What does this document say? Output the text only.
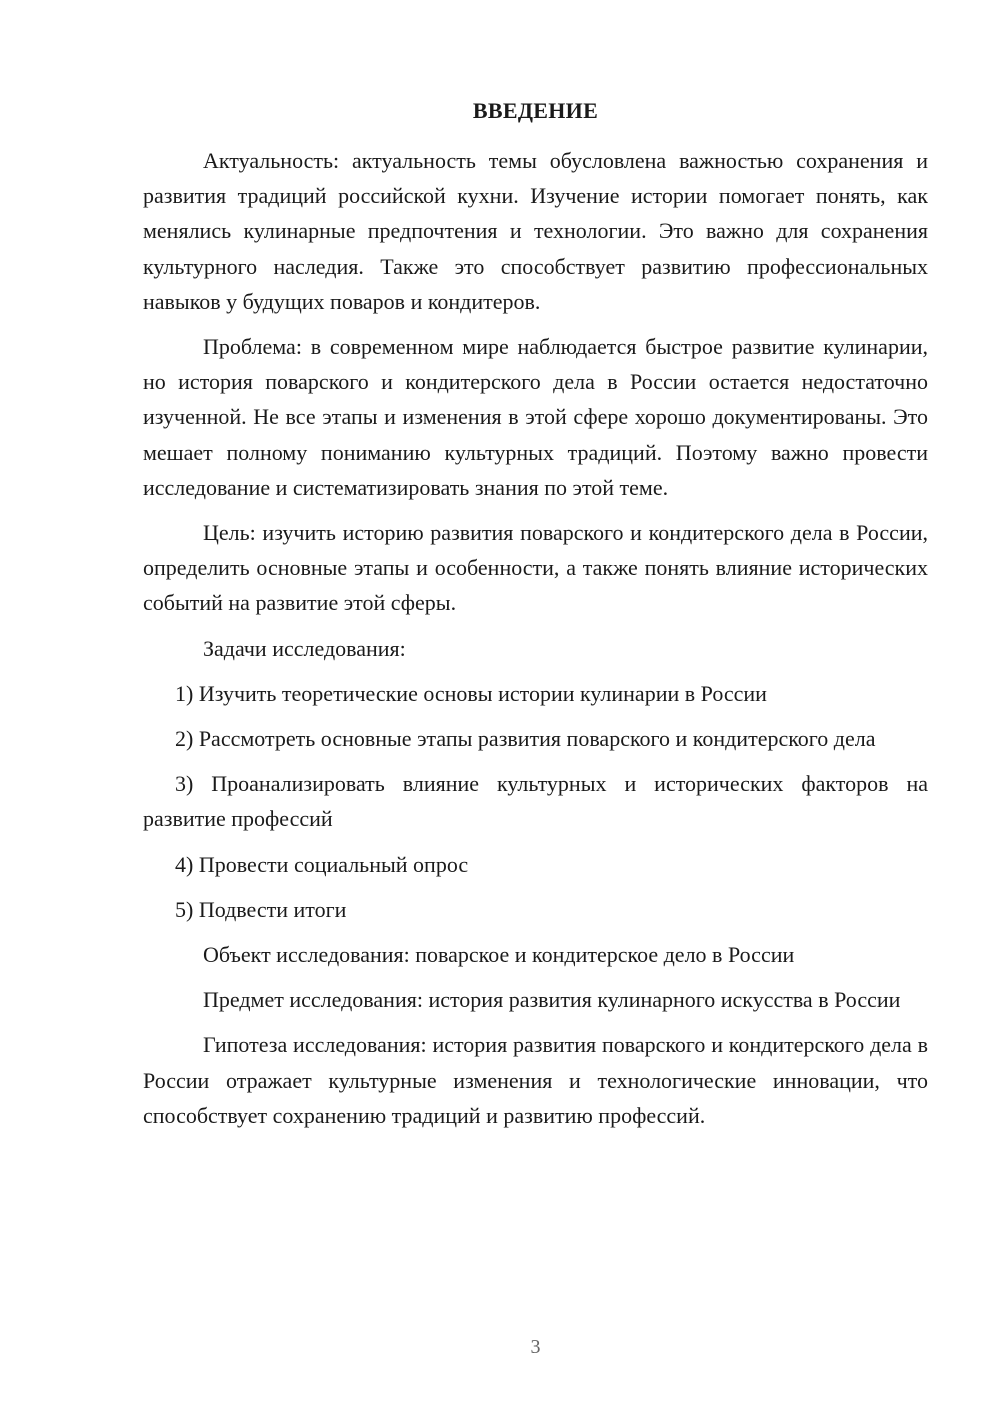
ВВЕДЕНИЕ

Актуальность: актуальность темы обусловлена важностью сохранения и развития традиций российской кухни. Изучение истории помогает понять, как менялись кулинарные предпочтения и технологии. Это важно для сохранения культурного наследия. Также это способствует развитию профессиональных навыков у будущих поваров и кондитеров.

Проблема: в современном мире наблюдается быстрое развитие кулинарии, но история поварского и кондитерского дела в России остается недостаточно изученной. Не все этапы и изменения в этой сфере хорошо документированы. Это мешает полному пониманию культурных традиций. Поэтому важно провести исследование и систематизировать знания по этой теме.

Цель: изучить историю развития поварского и кондитерского дела в России, определить основные этапы и особенности, а также понять влияние исторических событий на развитие этой сферы.

Задачи исследования:

1) Изучить теоретические основы истории кулинарии в России

2) Рассмотреть основные этапы развития поварского и кондитерского дела

3) Проанализировать влияние культурных и исторических факторов на развитие профессий

4) Провести социальный опрос

5) Подвести итоги

Объект исследования: поварское и кондитерское дело в России

Предмет исследования: история развития кулинарного искусства в России

Гипотеза исследования: история развития поварского и кондитерского дела в России отражает культурные изменения и технологические инновации, что способствует сохранению традиций и развитию профессий.

3
